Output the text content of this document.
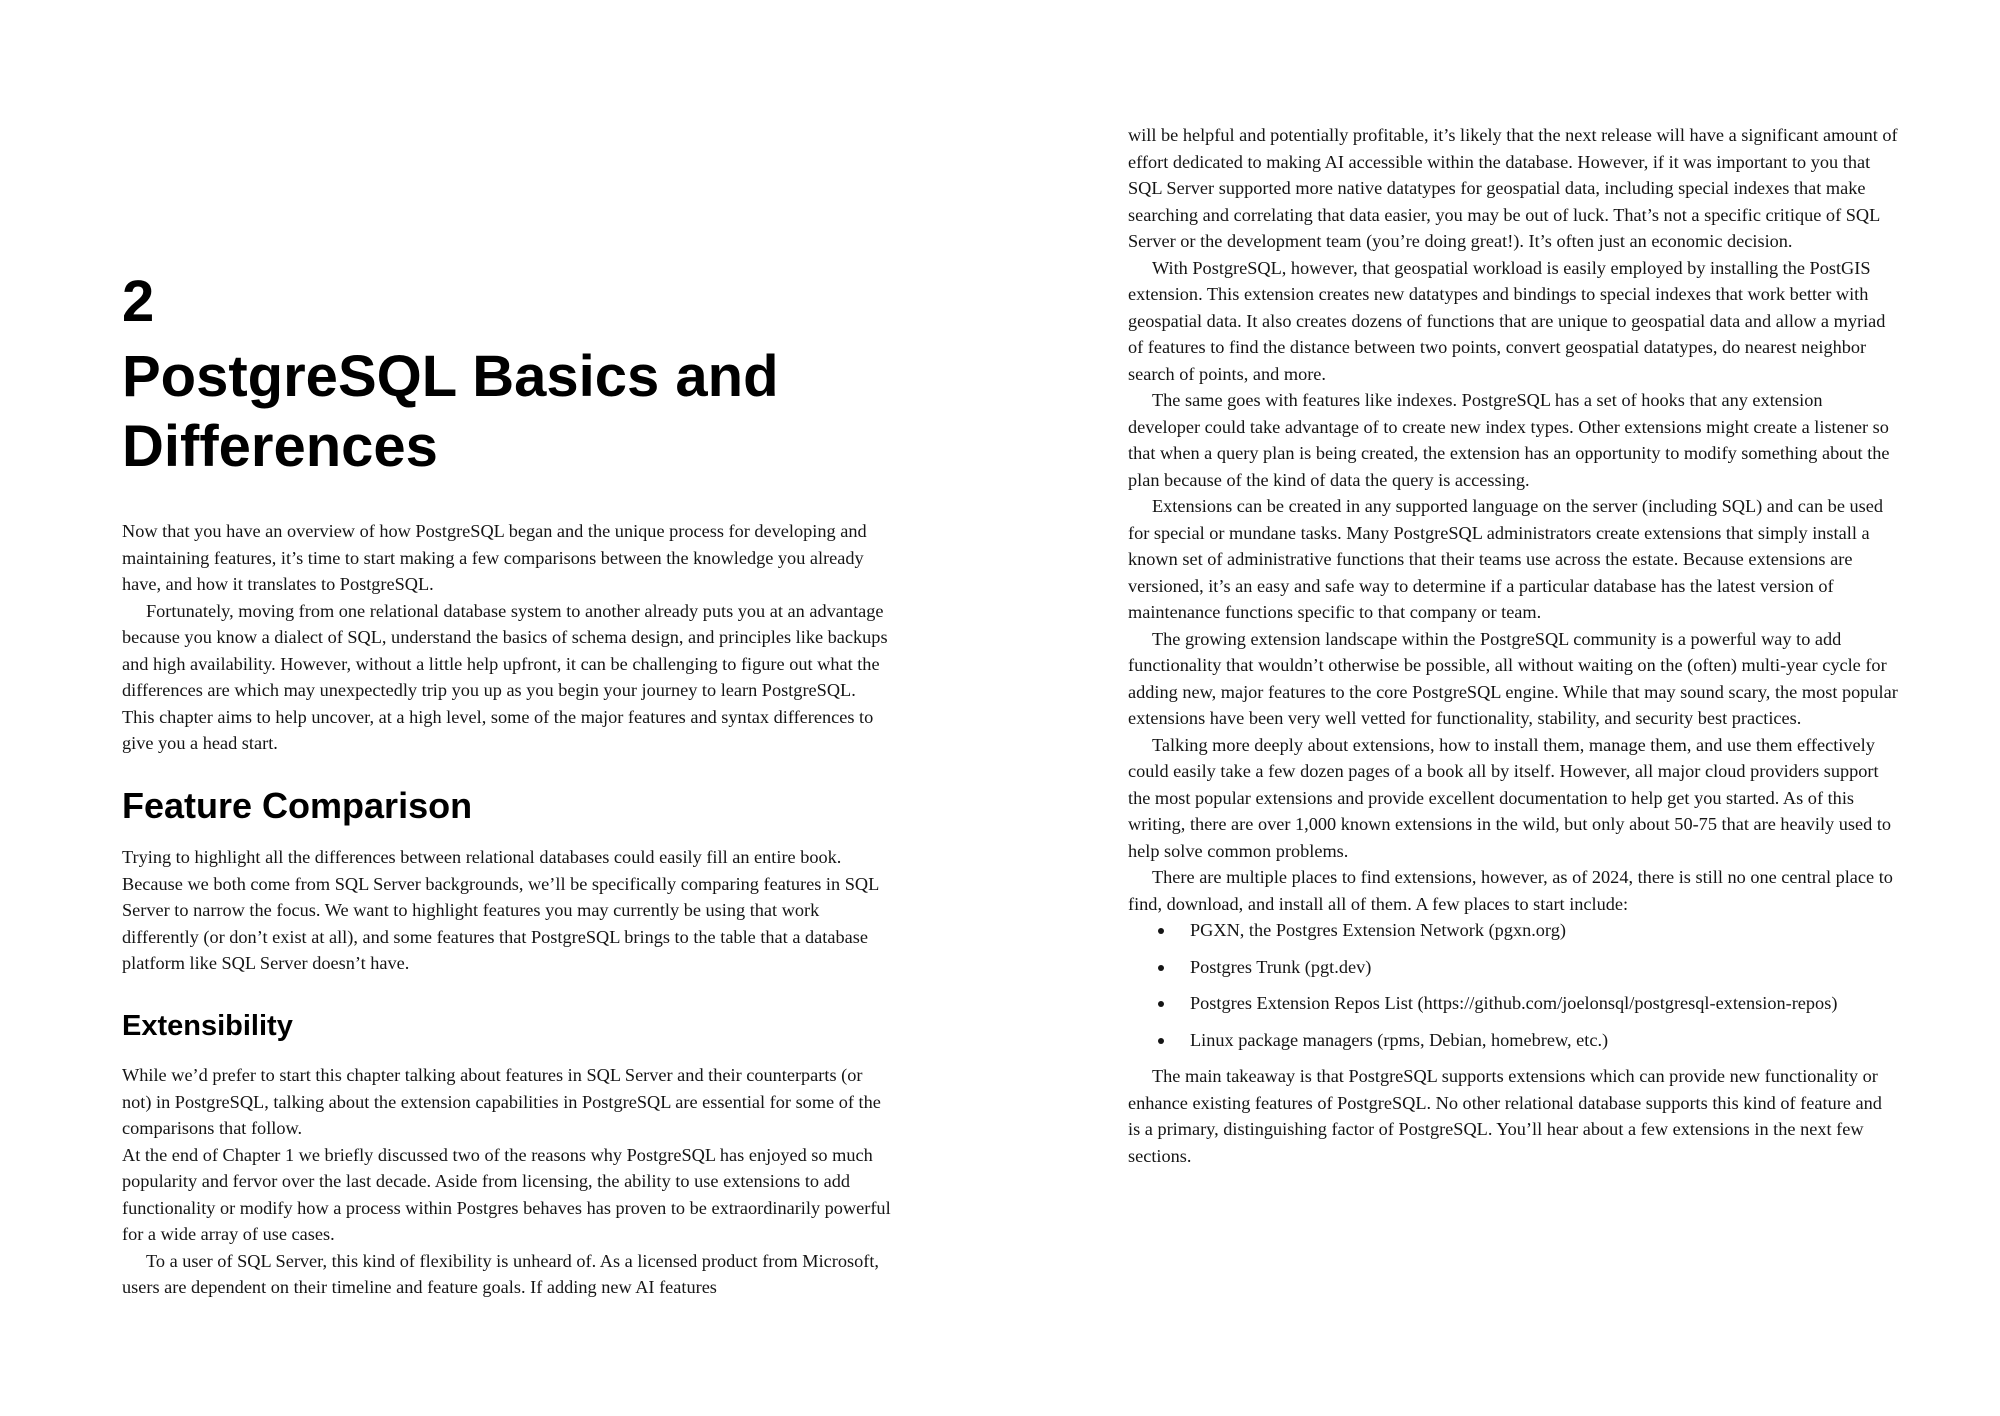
2
PostgreSQL Basics and Differences

Now that you have an overview of how PostgreSQL began and the unique process for developing and maintaining features, it’s time to start making a few comparisons between the knowledge you already have, and how it translates to PostgreSQL.

Fortunately, moving from one relational database system to another already puts you at an advantage because you know a dialect of SQL, understand the basics of schema design, and principles like backups and high availability. However, without a little help upfront, it can be challenging to figure out what the differences are which may unexpectedly trip you up as you begin your journey to learn PostgreSQL. This chapter aims to help uncover, at a high level, some of the major features and syntax differences to give you a head start.

Feature Comparison

Trying to highlight all the differences between relational databases could easily fill an entire book. Because we both come from SQL Server backgrounds, we’ll be specifically comparing features in SQL Server to narrow the focus. We want to highlight features you may currently be using that work differently (or don’t exist at all), and some features that PostgreSQL brings to the table that a database platform like SQL Server doesn’t have.

Extensibility

While we’d prefer to start this chapter talking about features in SQL Server and their counterparts (or not) in PostgreSQL, talking about the extension capabilities in PostgreSQL are essential for some of the comparisons that follow.

At the end of Chapter 1 we briefly discussed two of the reasons why PostgreSQL has enjoyed so much popularity and fervor over the last decade. Aside from licensing, the ability to use extensions to add functionality or modify how a process within Postgres behaves has proven to be extraordinarily powerful for a wide array of use cases.

To a user of SQL Server, this kind of flexibility is unheard of. As a licensed product from Microsoft, users are dependent on their timeline and feature goals. If adding new AI features

will be helpful and potentially profitable, it’s likely that the next release will have a significant amount of effort dedicated to making AI accessible within the database. However, if it was important to you that SQL Server supported more native datatypes for geospatial data, including special indexes that make searching and correlating that data easier, you may be out of luck. That’s not a specific critique of SQL Server or the development team (you’re doing great!). It’s often just an economic decision.

With PostgreSQL, however, that geospatial workload is easily employed by installing the PostGIS extension. This extension creates new datatypes and bindings to special indexes that work better with geospatial data. It also creates dozens of functions that are unique to geospatial data and allow a myriad of features to find the distance between two points, convert geospatial datatypes, do nearest neighbor search of points, and more.

The same goes with features like indexes. PostgreSQL has a set of hooks that any extension developer could take advantage of to create new index types. Other extensions might create a listener so that when a query plan is being created, the extension has an opportunity to modify something about the plan because of the kind of data the query is accessing.

Extensions can be created in any supported language on the server (including SQL) and can be used for special or mundane tasks. Many PostgreSQL administrators create extensions that simply install a known set of administrative functions that their teams use across the estate. Because extensions are versioned, it’s an easy and safe way to determine if a particular database has the latest version of maintenance functions specific to that company or team.

The growing extension landscape within the PostgreSQL community is a powerful way to add functionality that wouldn’t otherwise be possible, all without waiting on the (often) multi-year cycle for adding new, major features to the core PostgreSQL engine. While that may sound scary, the most popular extensions have been very well vetted for functionality, stability, and security best practices.

Talking more deeply about extensions, how to install them, manage them, and use them effectively could easily take a few dozen pages of a book all by itself. However, all major cloud providers support the most popular extensions and provide excellent documentation to help get you started. As of this writing, there are over 1,000 known extensions in the wild, but only about 50-75 that are heavily used to help solve common problems.

There are multiple places to find extensions, however, as of 2024, there is still no one central place to find, download, and install all of them. A few places to start include:

PGXN, the Postgres Extension Network (pgxn.org)
Postgres Trunk (pgt.dev)
Postgres Extension Repos List (https://github.com/joelonsql/postgresql-extension-repos)
Linux package managers (rpms, Debian, homebrew, etc.)

The main takeaway is that PostgreSQL supports extensions which can provide new functionality or enhance existing features of PostgreSQL. No other relational database supports this kind of feature and is a primary, distinguishing factor of PostgreSQL. You’ll hear about a few extensions in the next few sections.
